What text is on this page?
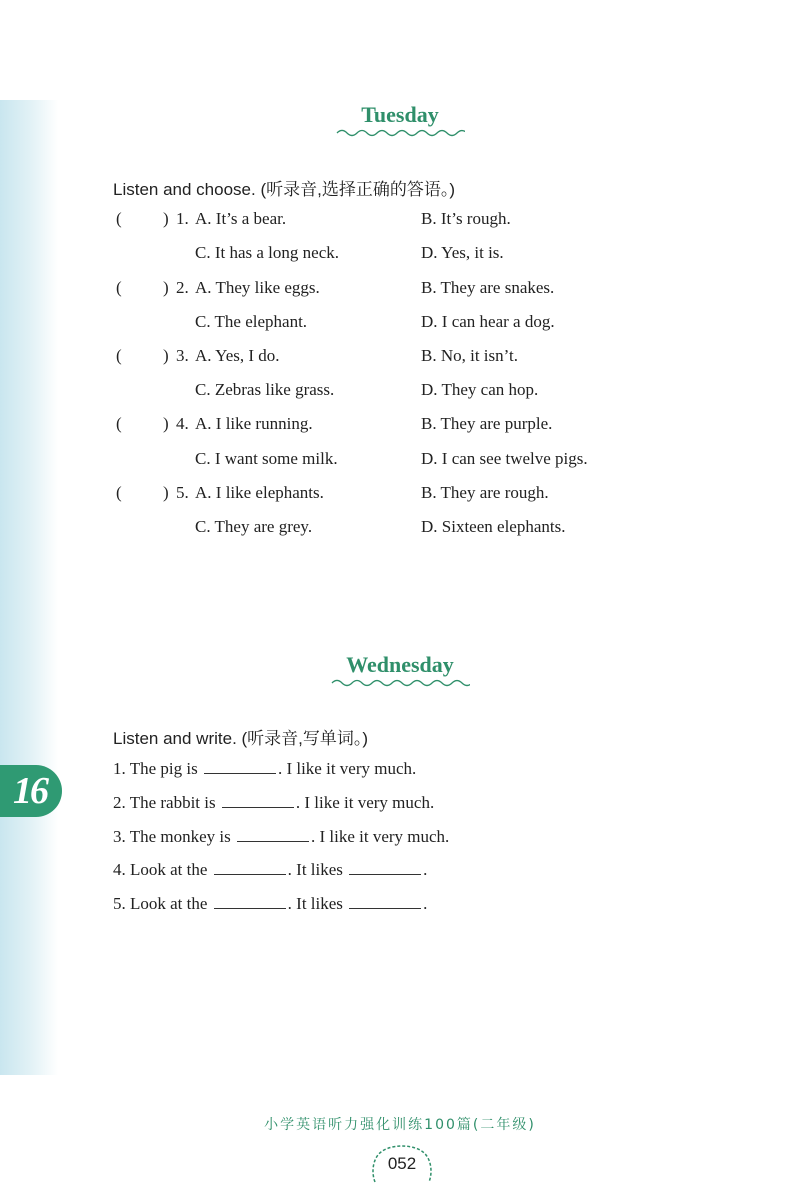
16
Tuesday
Listen and choose. (听录音,选择正确的答语。)
( ) 1. A. It’s a bear.	B. It’s rough.
C. It has a long neck.	D. Yes, it is.
( ) 2. A. They like eggs.	B. They are snakes.
C. The elephant.	D. I can hear a dog.
( ) 3. A. Yes, I do.	B. No, it isn’t.
C. Zebras like grass.	D. They can hop.
( ) 4. A. I like running.	B. They are purple.
C. I want some milk.	D. I can see twelve pigs.
( ) 5. A. I like elephants.	B. They are rough.
C. They are grey.	D. Sixteen elephants.
Wednesday
Listen and write. (听录音,写单词。)
1. The pig is	. I like it very much.
2. The rabbit is	. I like it very much.
3. The monkey is	. I like it very much.
4. Look at the	. It likes	.
5. Look at the	. It likes	.
小学英语听力强化训练100篇(二年级)
052
